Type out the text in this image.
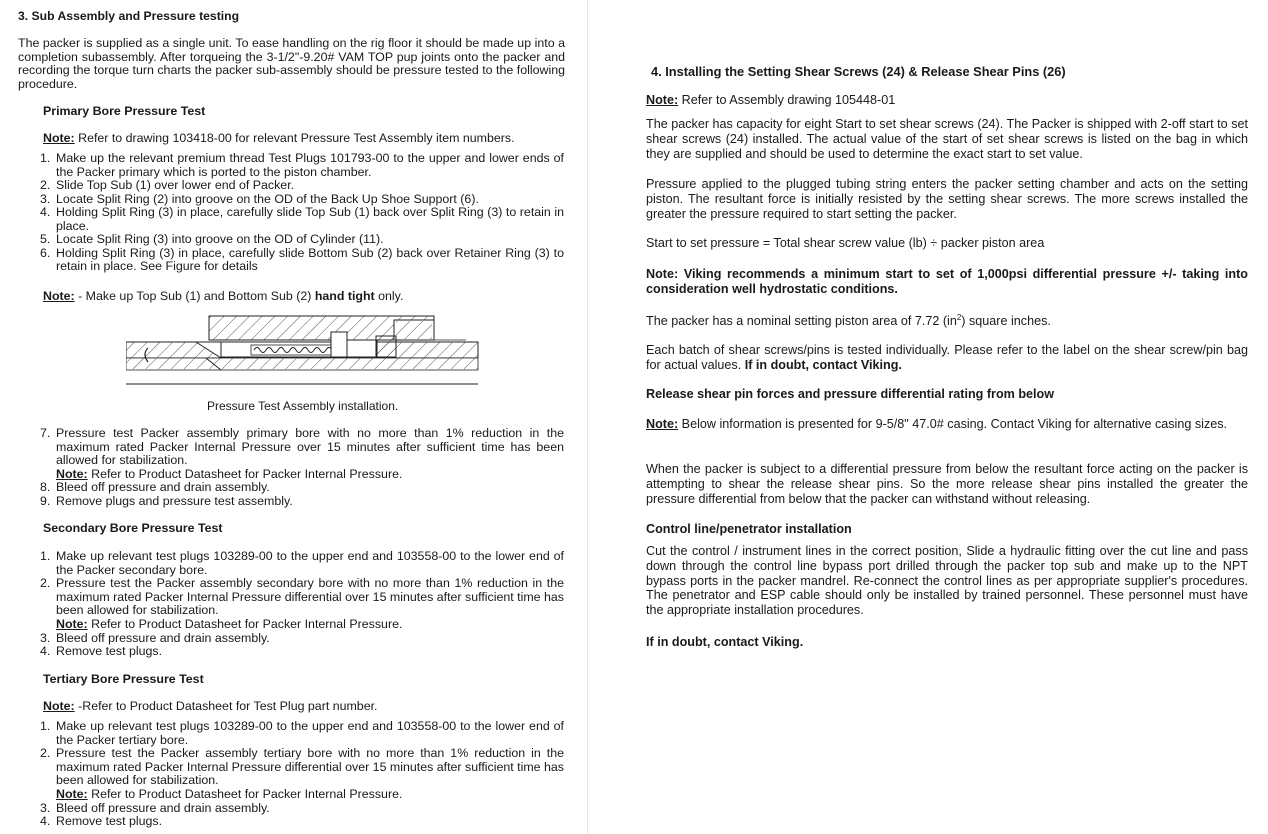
3. Sub Assembly and Pressure testing
The packer is supplied as a single unit. To ease handling on the rig floor it should be made up into a completion subassembly. After torqueing the 3-1/2"-9.20# VAM TOP pup joints onto the packer and recording the torque turn charts the packer sub-assembly should be pressure tested to the following procedure.
Primary Bore Pressure Test
Note: Refer to drawing 103418-00 for relevant Pressure Test Assembly item numbers.
1. Make up the relevant premium thread Test Plugs 101793-00 to the upper and lower ends of the Packer primary which is ported to the piston chamber.
2. Slide Top Sub (1) over lower end of Packer.
3. Locate Split Ring (2) into groove on the OD of the Back Up Shoe Support (6).
4. Holding Split Ring (3) in place, carefully slide Top Sub (1) back over Split Ring (3) to retain in place.
5. Locate Split Ring (3) into groove on the OD of Cylinder (11).
6. Holding Split Ring (3) in place, carefully slide Bottom Sub (2) back over Retainer Ring (3) to retain in place. See Figure for details
Note: - Make up Top Sub (1) and Bottom Sub (2) hand tight only.
Pressure Test Assembly installation.
7. Pressure test Packer assembly primary bore with no more than 1% reduction in the maximum rated Packer Internal Pressure over 15 minutes after sufficient time has been allowed for stabilization.
Note: Refer to Product Datasheet for Packer Internal Pressure.
8. Bleed off pressure and drain assembly.
9. Remove plugs and pressure test assembly.
Secondary Bore Pressure Test
1. Make up relevant test plugs 103289-00 to the upper end and 103558-00 to the lower end of the Packer secondary bore.
2. Pressure test the Packer assembly secondary bore with no more than 1% reduction in the maximum rated Packer Internal Pressure differential over 15 minutes after sufficient time has been allowed for stabilization.
Note: Refer to Product Datasheet for Packer Internal Pressure.
3. Bleed off pressure and drain assembly.
4. Remove test plugs.
Tertiary Bore Pressure Test
Note: -Refer to Product Datasheet for Test Plug part number.
1. Make up relevant test plugs 103289-00 to the upper end and 103558-00 to the lower end of the Packer tertiary bore.
2. Pressure test the Packer assembly tertiary bore with no more than 1% reduction in the maximum rated Packer Internal Pressure differential over 15 minutes after sufficient time has been allowed for stabilization.
Note: Refer to Product Datasheet for Packer Internal Pressure.
3. Bleed off pressure and drain assembly.
4. Remove test plugs.
4. Installing the Setting Shear Screws (24) & Release Shear Pins (26)
Note: Refer to Assembly drawing 105448-01
The packer has capacity for eight Start to set shear screws (24). The Packer is shipped with 2-off start to set shear screws (24) installed. The actual value of the start of set shear screws is listed on the bag in which they are supplied and should be used to determine the exact start to set value.
Pressure applied to the plugged tubing string enters the packer setting chamber and acts on the setting piston. The resultant force is initially resisted by the setting shear screws. The more screws installed the greater the pressure required to start setting the packer.
Start to set pressure = Total shear screw value (lb) ÷ packer piston area
Note: Viking recommends a minimum start to set of 1,000psi differential pressure +/- taking into consideration well hydrostatic conditions.
The packer has a nominal setting piston area of 7.72 $(in^2)$ square inches.
Each batch of shear screws/pins is tested individually. Please refer to the label on the shear screw/pin bag for actual values. If in doubt, contact Viking.
Release shear pin forces and pressure differential rating from below
Note: Below information is presented for 9-5/8" 47.0# casing. Contact Viking for alternative casing sizes.
When the packer is subject to a differential pressure from below the resultant force acting on the packer is attempting to shear the release shear pins. So the more release shear pins installed the greater the pressure differential from below that the packer can withstand without releasing.
Control line/penetrator installation
Cut the control / instrument lines in the correct position, Slide a hydraulic fitting over the cut line and pass down through the control line bypass port drilled through the packer top sub and make up to the NPT bypass ports in the packer mandrel. Re-connect the control lines as per appropriate supplier's procedures. The penetrator and ESP cable should only be installed by trained personnel. These personnel must have the appropriate installation procedures.
If in doubt, contact Viking.
